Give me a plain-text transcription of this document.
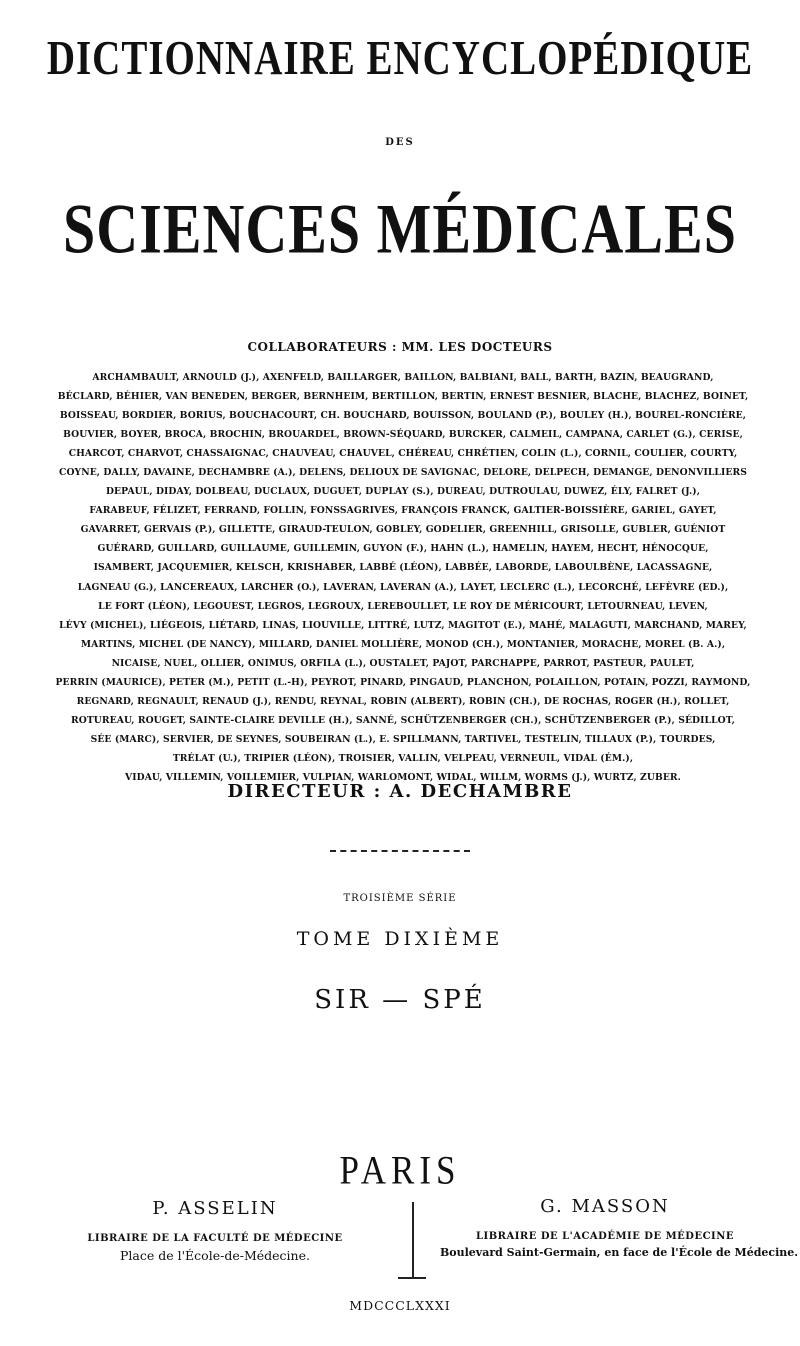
DICTIONNAIRE ENCYCLOPÉDIQUE
DES
SCIENCES MÉDICALES
COLLABORATEURS : MM. LES DOCTEURS
ARCHAMBAULT, ARNOULD (J.), AXENFELD, BAILLARGER, BAILLON, BALBIANI, BALL, BARTH, BAZIN, BEAUGRAND,
BÉCLARD, BÉHIER, VAN BENEDEN, BERGER, BERNHEIM, BERTILLON, BERTIN, ERNEST BESNIER, BLACHE, BLACHEZ, BOINET,
BOISSEAU, BORDIER, BORIUS, BOUCHACOURT, CH. BOUCHARD, BOUISSON, BOULAND (P.), BOULEY (H.), BOUREL-RONCIÈRE,
BOUVIER, BOYER, BROCA, BROCHIN, BROUARDEL, BROWN-SÉQUARD, BURCKER, CALMEIL, CAMPANA, CARLET (G.), CERISE,
CHARCOT, CHARVOT, CHASSAIGNAC, CHAUVEAU, CHAUVEL, CHÉREAU, CHRÉTIEN, COLIN (L.), CORNIL, COULIER, COURTY,
COYNE, DALLY, DAVAINE, DECHAMBRE (A.), DELENS, DELIOUX DE SAVIGNAC, DELORE, DELPECH, DEMANGE, DENONVILLIERS
DEPAUL, DIDAY, DOLBEAU, DUCLAUX, DUGUET, DUPLAY (S.), DUREAU, DUTROULAU, DUWEZ, ÉLY, FALRET (J.),
FARABEUF, FÉLIZET, FERRAND, FOLLIN, FONSSAGRIVES, FRANÇOIS FRANCK, GALTIER-BOISSIÈRE, GARIEL, GAYET,
GAVARRET, GERVAIS (P.), GILLETTE, GIRAUD-TEULON, GOBLEY, GODELIER, GREENHILL, GRISOLLE, GUBLER, GUÉNIOT
GUÉRARD, GUILLARD, GUILLAUME, GUILLEMIN, GUYON (F.), HAHN (L.), HAMELIN, HAYEM, HECHT, HÉNOCQUE,
ISAMBERT, JACQUEMIER, KELSCH, KRISHABER, LABBÉ (LÉON), LABBÉE, LABORDE, LABOULBÈNE, LACASSAGNE,
LAGNEAU (G.), LANCEREAUX, LARCHER (O.), LAVERAN, LAVERAN (A.), LAYET, LECLERC (L.), LECORCHÉ, LEFÈVRE (ED.),
LE FORT (LÉON), LEGOUEST, LEGROS, LEGROUX, LEREBOULLET, LE ROY DE MÉRICOURT, LETOURNEAU, LEVEN,
LÉVY (MICHEL), LIÉGEOIS, LIÉTARD, LINAS, LIOUVILLE, LITTRÉ, LUTZ, MAGITOT (E.), MAHÉ, MALAGUTI, MARCHAND, MAREY,
MARTINS, MICHEL (DE NANCY), MILLARD, DANIEL MOLLIÈRE, MONOD (CH.), MONTANIER, MORACHE, MOREL (B. A.),
NICAISE, NUEL, OLLIER, ONIMUS, ORFILA (L.), OUSTALET, PAJOT, PARCHAPPE, PARROT, PASTEUR, PAULET,
PERRIN (MAURICE), PETER (M.), PETIT (L.-H), PEYROT, PINARD, PINGAUD, PLANCHON, POLAILLON, POTAIN, POZZI, RAYMOND,
REGNARD, REGNAULT, RENAUD (J.), RENDU, REYNAL, ROBIN (ALBERT), ROBIN (CH.), DE ROCHAS, ROGER (H.), ROLLET,
ROTUREAU, ROUGET, SAINTE-CLAIRE DEVILLE (H.), SANNÉ, SCHÜTZENBERGER (CH.), SCHÜTZENBERGER (P.), SÉDILLOT,
SÉE (MARC), SERVIER, DE SEYNES, SOUBEIRAN (L.), E. SPILLMANN, TARTIVEL, TESTELIN, TILLAUX (P.), TOURDES,
TRÉLAT (U.), TRIPIER (LÉON), TROISIER, VALLIN, VELPEAU, VERNEUIL, VIDAL (ÉM.),
VIDAU, VILLEMIN, VOILLEMIER, VULPIAN, WARLOMONT, WIDAL, WILLM, WORMS (J.), WURTZ, ZUBER.
DIRECTEUR : A. DECHAMBRE
TROISIÈME SÉRIE
TOME DIXIÈME
SIR — SPÉ
PARIS
P. ASSELIN
LIBRAIRE DE LA FACULTÉ DE MÉDECINE
Place de l'École-de-Médecine.
G. MASSON
LIBRAIRE DE L'ACADÉMIE DE MÉDECINE
Boulevard Saint-Germain, en face de l'École de Médecine.
MDCCCLXXXI
